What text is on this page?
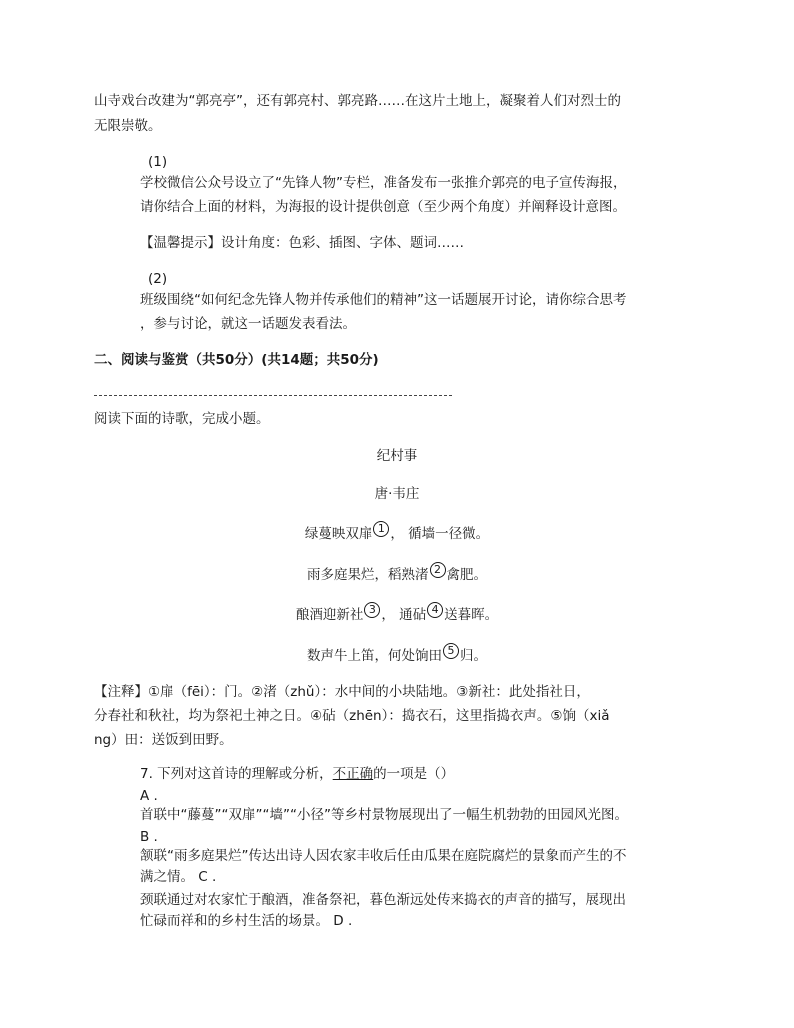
山寺戏台改建为“郭亮亭”，还有郭亮村、郭亮路……在这片土地上，凝聚着人们对烈士的
无限崇敬。
(1)
学校微信公众号设立了“先锋人物”专栏，准备发布一张推介郭亮的电子宣传海报，
请你结合上面的材料，为海报的设计提供创意（至少两个角度）并阐释设计意图。
【温馨提示】设计角度：色彩、插图、字体、题词……
(2)
班级围绕“如何纪念先锋人物并传承他们的精神”这一话题展开讨论，请你综合思考
，参与讨论，就这一话题发表看法。
二、阅读与鉴赏（共50分）(共14题；共50分)
阅读下面的诗歌，完成小题。
纪村事
唐·韦庄
绿蔓映双扉 $^1$ ， 循墙一径微。
雨多庭果烂，稻熟渚 $^2$ 禽肥。
酿酒迎新社 $^3$ ， 通砧 $^4$ 送暮晖。
数声牛上笛，何处饷田 $^5$ 归。
【注释】①扉（fēi）：门。②渚（zhǔ）：水中间的小块陆地。③新社：此处指社日，
分春社和秋社，均为祭祀土神之日。④砧（zhēn）：捣衣石，这里指捣衣声。⑤饷（xiǎ
ng）田：送饭到田野。
7. 下列对这首诗的理解或分析，不正确的一项是（）
A .
首联中“藤蔓”“双扉”“墙”“小径”等乡村景物展现出了一幅生机勃勃的田园风光图。
B .
颔联“雨多庭果烂”传达出诗人因农家丰收后任由瓜果在庭院腐烂的景象而产生的不
满之情。 C .
颈联通过对农家忙于酿酒，准备祭祀，暮色渐远处传来捣衣的声音的描写，展现出
忙碌而祥和的乡村生活的场景。 D .
